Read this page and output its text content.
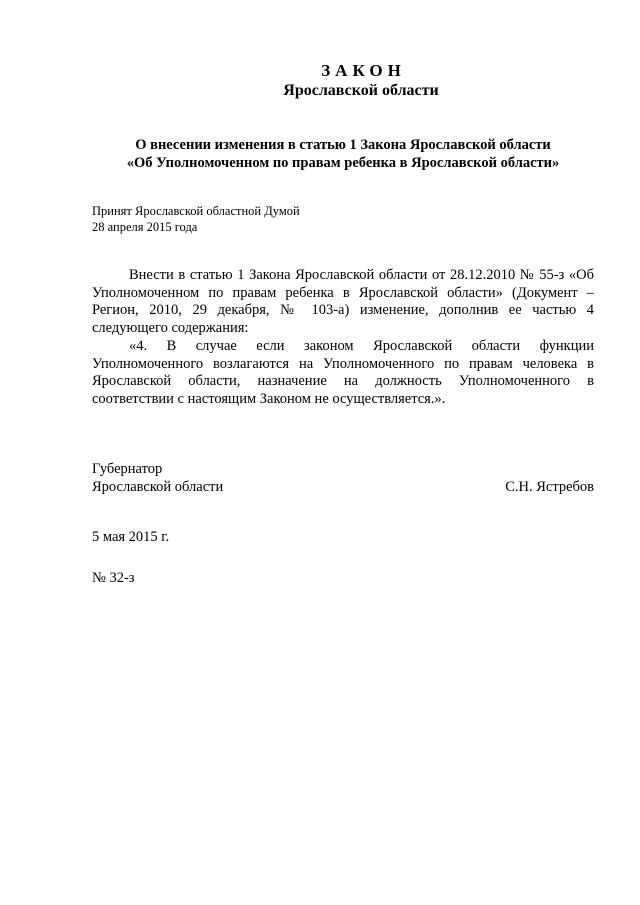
ЗАКОН
Ярославской области
О внесении изменения в статью 1 Закона Ярославской области
«Об Уполномоченном по правам ребенка в Ярославской области»
Принят Ярославской областной Думой
28 апреля 2015 года

Внести в статью 1 Закона Ярославской области от 28.12.2010 № 55-з «Об Уполномоченном по правам ребенка в Ярославской области» (Документ – Регион, 2010, 29 декабря, № 103-а) изменение, дополнив ее частью 4 следующего содержания:

«4. В случае если законом Ярославской области функции Уполномоченного возлагаются на Уполномоченного по правам человека в Ярославской области, назначение на должность Уполномоченного в соответствии с настоящим Законом не осуществляется.».

Губернатор
Ярославской области	С.Н. Ястребов
5 мая 2015 г.
№ 32-з
